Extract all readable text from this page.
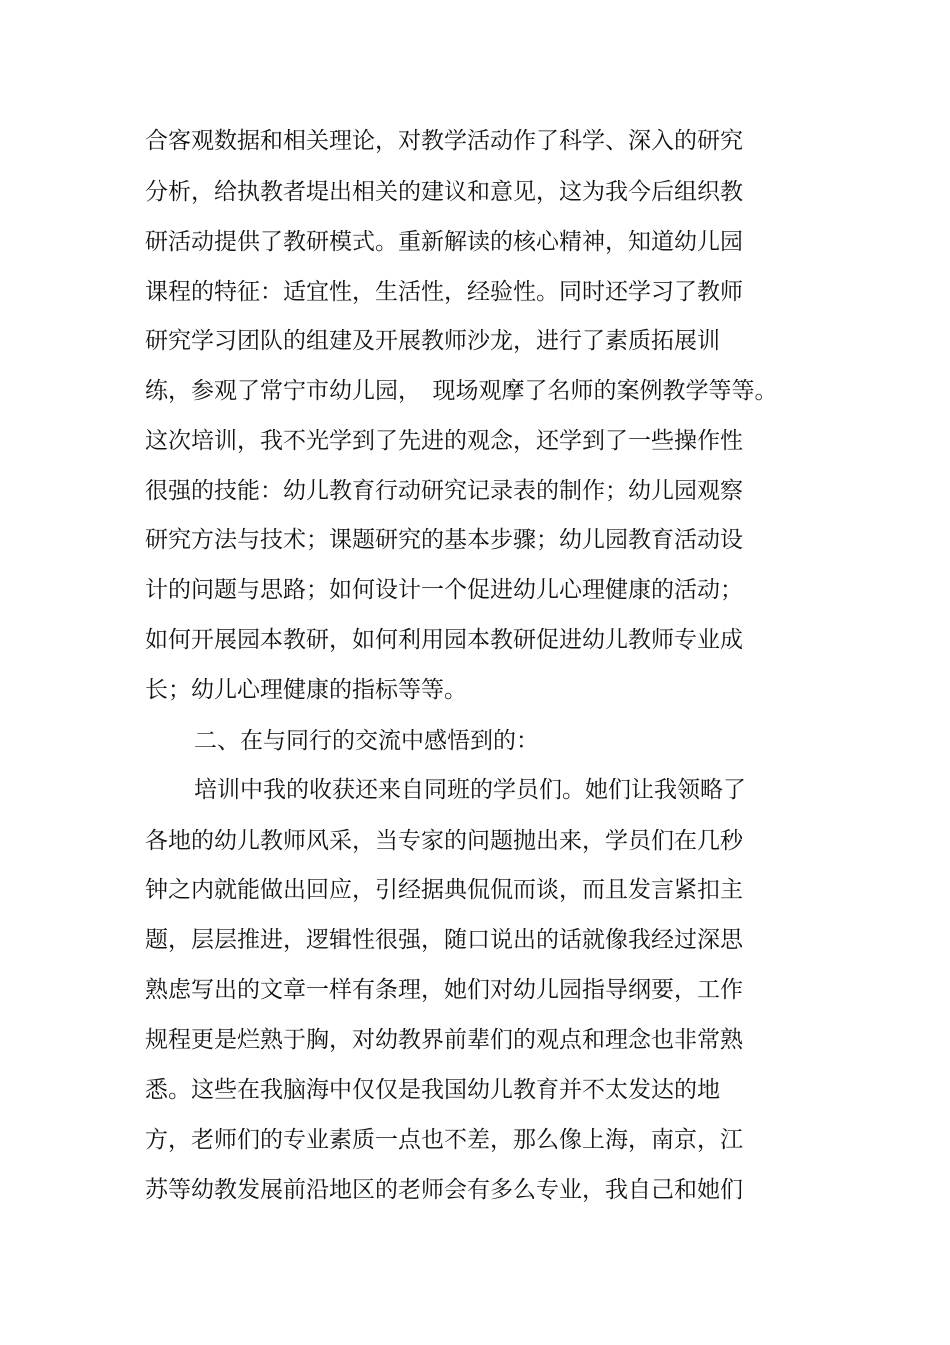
合客观数据和相关理论，对教学活动作了科学、深入的研究
分析，给执教者堤出相关的建议和意见，这为我今后组织教
研活动提供了教研模式。重新解读的核心精神，知道幼儿园
课程的特征：适宜性，生活性，经验性。同时还学习了教师
研究学习团队的组建及开展教师沙龙，进行了素质拓展训
练，参观了常宁市幼儿园，　现场观摩了名师的案例教学等等。
这次培训，我不光学到了先进的观念，还学到了一些操作性
很强的技能：幼儿教育行动研究记录表的制作；幼儿园观察
研究方法与技术；课题研究的基本步骤；幼儿园教育活动设
计的问题与思路；如何设计一个促进幼儿心理健康的活动；
如何开展园本教研，如何利用园本教研促进幼儿教师专业成
长；幼儿心理健康的指标等等。
二、在与同行的交流中感悟到的：
培训中我的收获还来自同班的学员们。她们让我领略了
各地的幼儿教师风采，当专家的问题抛出来，学员们在几秒
钟之内就能做出回应，引经据典侃侃而谈，而且发言紧扣主
题，层层推进，逻辑性很强，随口说出的话就像我经过深思
熟虑写出的文章一样有条理，她们对幼儿园指导纲要，工作
规程更是烂熟于胸，对幼教界前辈们的观点和理念也非常熟
悉。这些在我脑海中仅仅是我国幼儿教育并不太发达的地
方，老师们的专业素质一点也不差，那么像上海，南京，江
苏等幼教发展前沿地区的老师会有多么专业，我自己和她们
